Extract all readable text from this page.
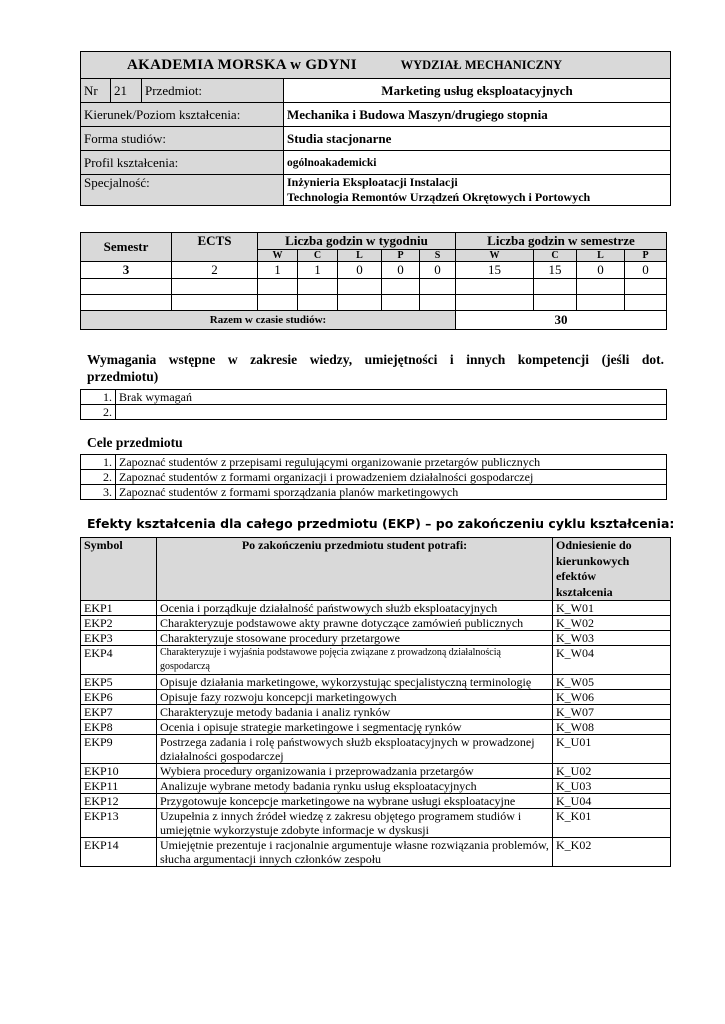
AKADEMIA MORSKA w GDYNI WYDZIAŁ MECHANICZNY			
Nr	21	Przedmiot:	Marketing usług eksploatacyjnych
Kierunek/Poziom kształcenia:			Mechanika i Budowa Maszyn/drugiego stopnia
Forma studiów:			Studia stacjonarne
Profil kształcenia:			ogólnoakademicki
Specjalność:			Inżynieria Eksploatacji Instalacji
Technologia Remontów Urządzeń Okrętowych i Portowych
Semestr	ECTS	Liczba godzin w tygodniu					Liczba godzin w semestrze			
		W	C	L	P	S	W	C	L	P
3	2	1	1	0	0	0	15	15	0	0

Razem w czasie studiów:							30			
Wymagania wstępne w zakresie wiedzy, umiejętności i innych kompetencji (jeśli dot.
przedmiotu)
1.	Brak wymagań
2.	
Cele przedmiotu
1.	Zapoznać studentów z przepisami regulującymi organizowanie przetargów publicznych
2.	Zapoznać studentów z formami organizacji i prowadzeniem działalności gospodarczej
3.	Zapoznać studentów z formami sporządzania planów marketingowych
Efekty kształcenia dla całego przedmiotu (EKP) – po zakończeniu cyklu kształcenia:
Symbol	Po zakończeniu przedmiotu student potrafi:	Odniesienie do
kierunkowych
efektów
kształcenia

EKP1	Ocenia i porządkuje działalność państwowych służb eksploatacyjnych	K_W01
EKP2	Charakteryzuje podstawowe akty prawne dotyczące zamówień publicznych	K_W02
EKP3	Charakteryzuje stosowane procedury przetargowe	K_W03
EKP4	Charakteryzuje i wyjaśnia podstawowe pojęcia związane z prowadzoną działalnością gospodarczą	K_W04
EKP5	Opisuje działania marketingowe, wykorzystując specjalistyczną terminologię	K_W05
EKP6	Opisuje fazy rozwoju koncepcji marketingowych	K_W06
EKP7	Charakteryzuje metody badania i analiz rynków	K_W07
EKP8	Ocenia i opisuje strategie marketingowe i segmentację rynków	K_W08
EKP9	Postrzega zadania i rolę państwowych służb eksploatacyjnych w prowadzonej działalności gospodarczej	K_U01
EKP10	Wybiera procedury organizowania i przeprowadzania przetargów	K_U02
EKP11	Analizuje wybrane metody badania rynku usług eksploatacyjnych	K_U03
EKP12	Przygotowuje koncepcje marketingowe na wybrane usługi eksploatacyjne	K_U04
EKP13	Uzupełnia z innych źródeł wiedzę z zakresu objętego programem studiów i umiejętnie wykorzystuje zdobyte informacje w dyskusji	K_K01
EKP14	Umiejętnie prezentuje i racjonalnie argumentuje własne rozwiązania problemów, słucha argumentacji innych członków zespołu	K_K02
